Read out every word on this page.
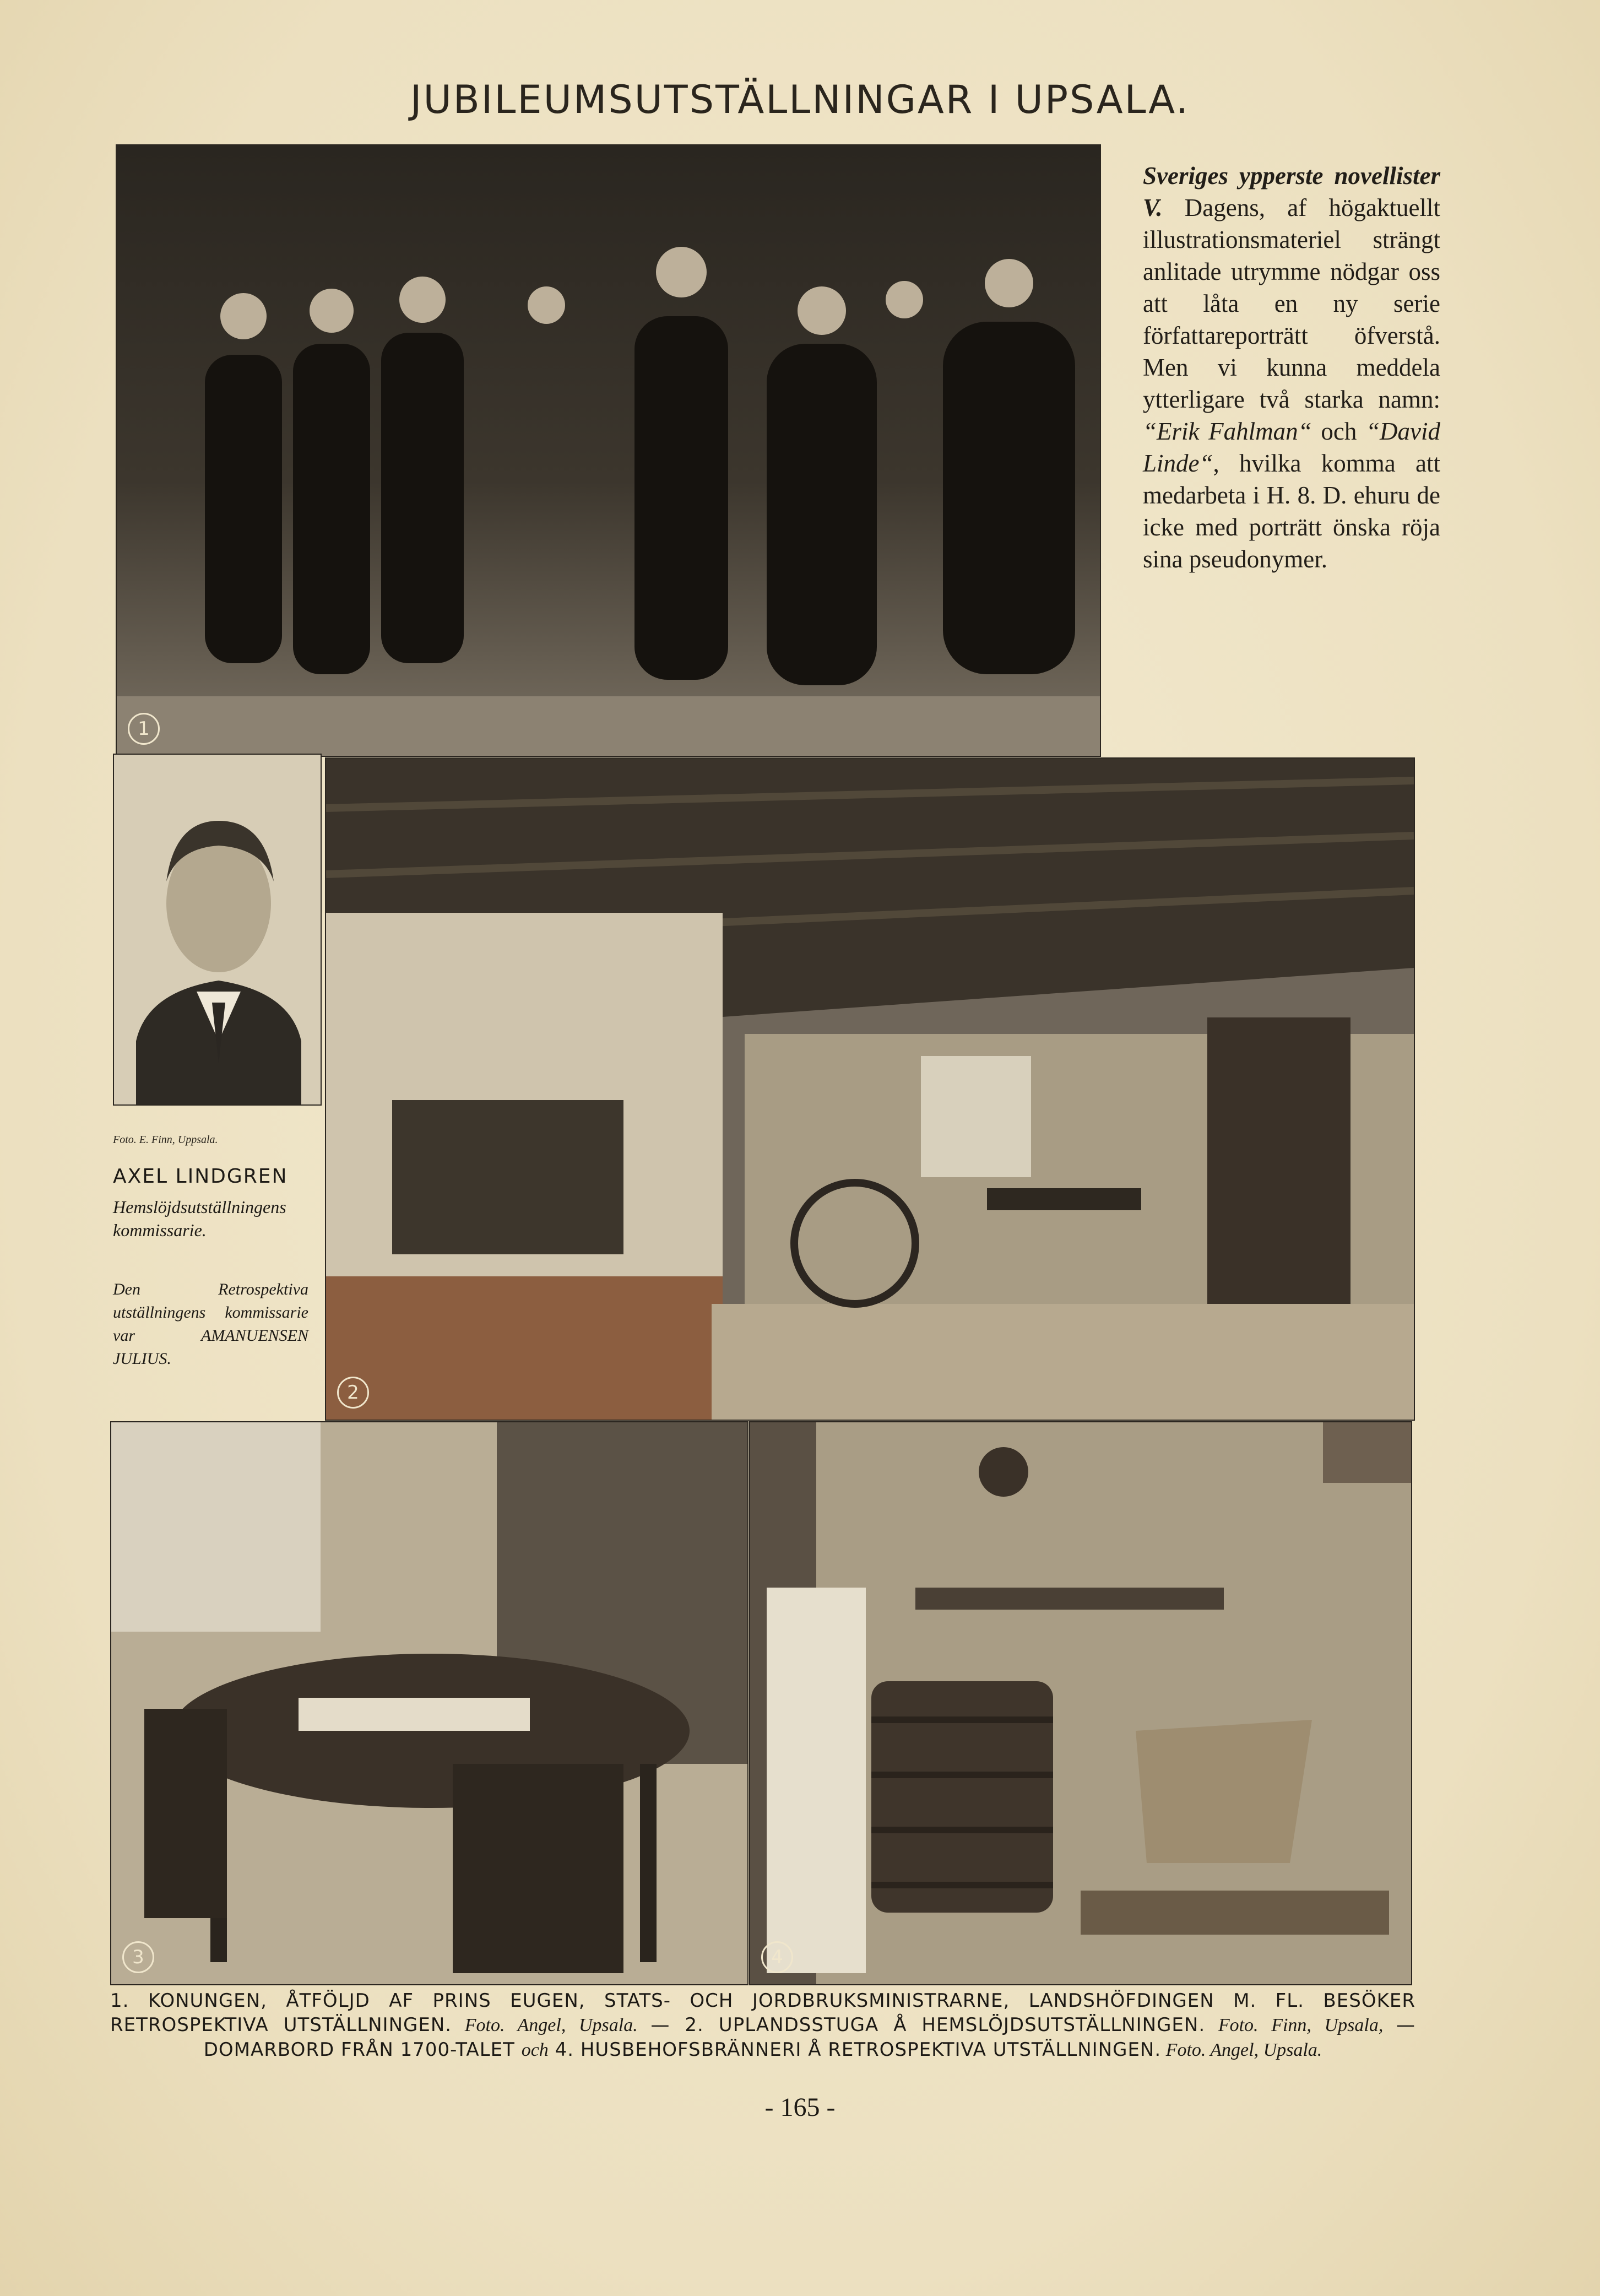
JUBILEUMSUTSTÄLLNINGAR I UPSALA.
1
Sveriges ypperste novellister V. Dagens, af högaktuellt illustrationsmateriel strängt anlitade utrymme nödgar oss att låta en ny serie författareporträtt öfverstå. Men vi kunna meddela ytterligare två starka namn: “Erik Fahlman“ och “David Linde“, hvilka komma att medarbeta i H. 8. D. ehuru de icke med porträtt önska röja sina pseudonymer.
Foto. E. Finn, Uppsala.
AXEL LINDGREN
Hemslöjdsutställningens kommissarie.
Den Retrospektiva utställningens kommissarie var AMANUENSEN JULIUS.
2
3	4
1. KONUNGEN, ÅTFÖLJD AF PRINS EUGEN, STATS- OCH JORDBRUKSMINISTRARNE, LANDSHÖFDINGEN M. FL. BESÖKER RETROSPEKTIVA UTSTÄLLNINGEN. Foto. Angel, Upsala. — 2. UPLANDSSTUGA Å HEMSLÖJDSUTSTÄLLNINGEN. Foto. Finn, Upsala, — DOMARBORD FRÅN 1700-TALET och 4. HUSBEHOFSBRÄNNERI Å RETROSPEKTIVA UTSTÄLLNINGEN. Foto. Angel, Upsala.
- 165 -
